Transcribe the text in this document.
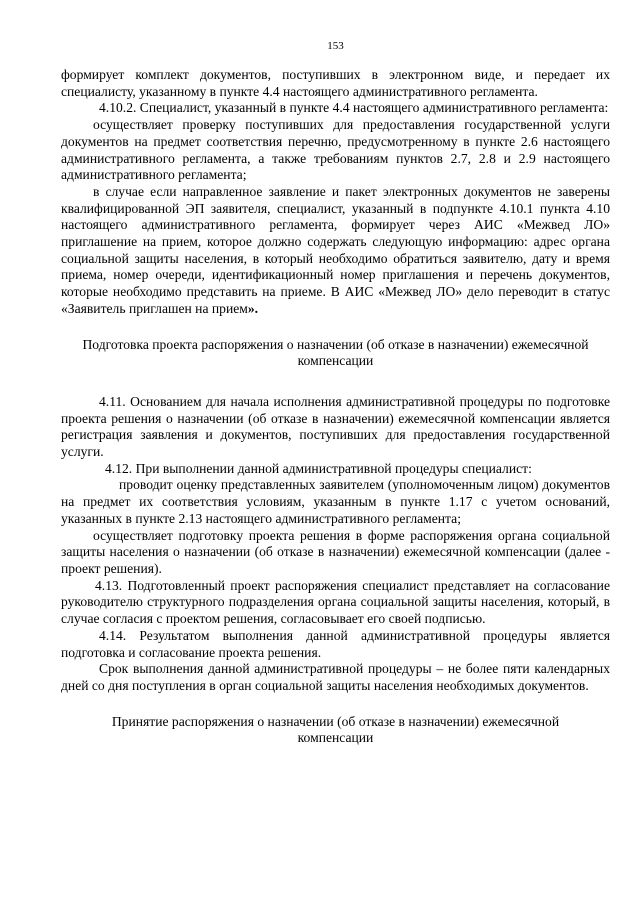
153

формирует комплект документов, поступивших в электронном виде, и передает их специалисту, указанному в пункте 4.4 настоящего административного регламента.

4.10.2. Специалист, указанный в пункте 4.4 настоящего административного регламента:

осуществляет проверку поступивших для предоставления государственной услуги документов на предмет соответствия перечню, предусмотренному в пункте 2.6 настоящего административного регламента, а также требованиям пунктов 2.7, 2.8 и 2.9 настоящего административного регламента;

в случае если направленное заявление и пакет электронных документов не заверены квалифицированной ЭП заявителя, специалист, указанный в подпункте 4.10.1 пункта 4.10 настоящего административного регламента, формирует через АИС «Межвед ЛО» приглашение на прием, которое должно содержать следующую информацию: адрес органа социальной защиты населения, в который необходимо обратиться заявителю, дату и время приема, номер очереди, идентификационный номер приглашения и перечень документов, которые необходимо представить на приеме. В АИС «Межвед ЛО» дело переводит в статус «Заявитель приглашен на прием».

Подготовка проекта распоряжения о назначении (об отказе в назначении) ежемесячной компенсации

4.11. Основанием для начала исполнения административной процедуры по подготовке проекта решения о назначении (об отказе в назначении) ежемесячной компенсации является регистрация заявления и документов, поступивших для предоставления государственной услуги.

4.12. При выполнении данной административной процедуры специалист:

проводит оценку представленных заявителем (уполномоченным лицом) документов на предмет их соответствия условиям, указанным в пункте 1.17 с учетом оснований, указанных в пункте 2.13 настоящего административного регламента;

осуществляет подготовку проекта решения в форме распоряжения органа социальной защиты населения о назначении (об отказе в назначении) ежемесячной компенсации (далее - проект решения).

4.13. Подготовленный проект распоряжения специалист представляет на согласование руководителю структурного подразделения органа социальной защиты населения, который, в случае согласия с проектом решения, согласовывает его своей подписью.

4.14. Результатом выполнения данной административной процедуры является подготовка и согласование проекта решения.

Срок выполнения данной административной процедуры – не более пяти календарных дней со дня поступления в орган социальной защиты населения необходимых документов.

Принятие распоряжения о назначении (об отказе в назначении) ежемесячной компенсации
